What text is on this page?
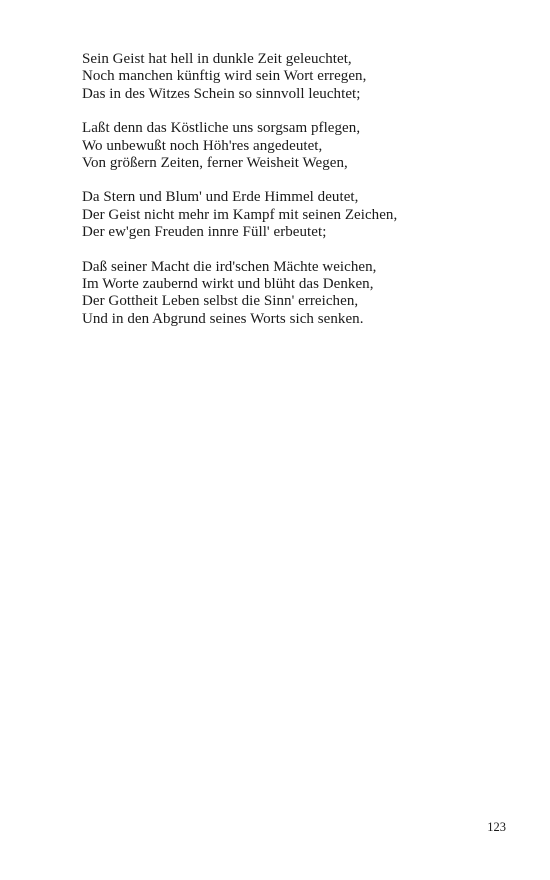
Sein Geist hat hell in dunkle Zeit geleuchtet,
Noch manchen künftig wird sein Wort erregen,
Das in des Witzes Schein so sinnvoll leuchtet;
Laßt denn das Köstliche uns sorgsam pflegen,
Wo unbewußt noch Höh'res angedeutet,
Von größern Zeiten, ferner Weisheit Wegen,
Da Stern und Blum' und Erde Himmel deutet,
Der Geist nicht mehr im Kampf mit seinen Zeichen,
Der ew'gen Freuden innre Füll' erbeutet;
Daß seiner Macht die ird'schen Mächte weichen,
Im Worte zaubernd wirkt und blüht das Denken,
Der Gottheit Leben selbst die Sinn' erreichen,
Und in den Abgrund seines Worts sich senken.
123
